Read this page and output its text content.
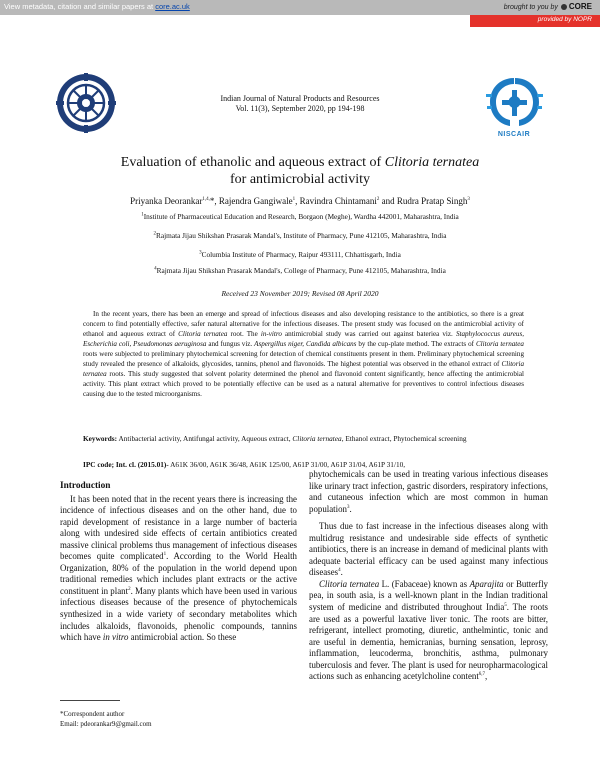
View metadata, citation and similar papers at core.ac.uk	brought to you by CORE
provided by NOPR
NISCAIR
Indian Journal of Natural Products and Resources
Vol. 11(3), September 2020, pp 194-198
Evaluation of ethanolic and aqueous extract of Clitoria ternatea
for antimicrobial activity
Priyanka Deorankar$^{1,4,}$*, Rajendra Gangiwale$^1$, Ravindra Chintamani$^2$ and Rudra Pratap Singh$^3$
$^1$Institute of Pharmaceutical Education and Research, Borgaon (Meghe), Wardha 442001, Maharashtra, India
$^2$Rajmata Jijau Shikshan Prasarak Mandal's, Institute of Pharmacy, Pune 412105, Maharashtra, India
$^3$Columbia Institute of Pharmacy, Raipur 493111, Chhattisgarh, India
$^4$Rajmata Jijau Shikshan Prasarak Mandal's, College of Pharmacy, Pune 412105, Maharashtra, India
Received 23 November 2019; Revised 08 April 2020

In the recent years, there has been an emerge and spread of infectious diseases and also developing resistance to the antibiotics, so there is a great concern to find potentially effective, safer natural alternative for the infectious diseases. The present study was focused on the antimicrobial activity of ethanol and aqueous extract of Clitoria ternatea root. The in-vitro antimicrobial study was carried out against bateriea viz. Staphylococcus aureus, Escherichia coli, Pseudomonas aeruginosa and fungus viz. Aspergillus niger, Candida albicans by the cup-plate method. The extracts of Clitoria ternatea roots were subjected to preliminary phytochemical screening for detection of chemical constituents present in them. Preliminary phytochemical screening study revealed the presence of alkaloids, glycosides, tannins, phenol and flavonoids. The highest potential was observed in the ethanol extract of Clitoria ternatea roots. This study suggested that solvent polarity determined the phenol and flavonoid content significantly, hence affecting the antimicrobial activity. This plant extract which proved to be potentially effective can be used as a natural alternative for preventives to control infectious diseases causing due to the tested microorganisms.

Keywords: Antibacterial activity, Antifungal activity, Aqueous extract, Clitoria ternatea, Ethanol extract, Phytochemical screening
IPC code; Int. cl. (2015.01)- A61K 36/00, A61K 36/48, A61K 125/00, A61P 31/00, A61P 31/04, A61P 31/10,
Introduction

It has been noted that in the recent years there is increasing the incidence of infectious diseases and on the other hand, due to rapid development of resistance in a large number of bacteria along with undesired side effects of certain antibiotics created massive clinical problems thus management of infectious diseases becomes quite complicated$^1$. According to the World Health Organization, 80% of the population in the world depend upon traditional remedies which includes plant extracts or the active constituent in plant$^2$. Many plants which have been used in various infectious diseases because of the presence of phytochemicals synthesized in a wide variety of secondary metabolites which includes alkaloids, flavonoids, phenolic compounds, tannins which have in vitro antimicrobial action. So these

phytochemicals can be used in treating various infectious diseases like urinary tract infection, gastric disorders, respiratory infections, and cutaneous infection which are most common in human population$^3$.

Thus due to fast increase in the infectious diseases along with multidrug resistance and undesirable side effects of synthetic antibiotics, there is an increase in demand of medicinal plants with adequate bacterial efficacy can be used against many infectious diseases$^4$.

Clitoria ternatea L. (Fabaceae) known as Aparajita or Butterfly pea, in south asia, is a well-known plant in the Indian traditional system of medicine and distributed throughout India$^5$. The roots are used as a powerful laxative liver tonic. The roots are bitter, refrigerant, intellect promoting, diuretic, anthelmintic, tonic and are useful in dementia, hemicranias, burning sensation, leprosy, inflammation, leucoderma, bronchitis, asthma, pulmonary tuberculosis and fever. The plant is used for neuropharmacological actions such as enhancing acetylcholine content$^{6,7}$,

*Correspondent author
Email: pdeorankar9@gmail.com
